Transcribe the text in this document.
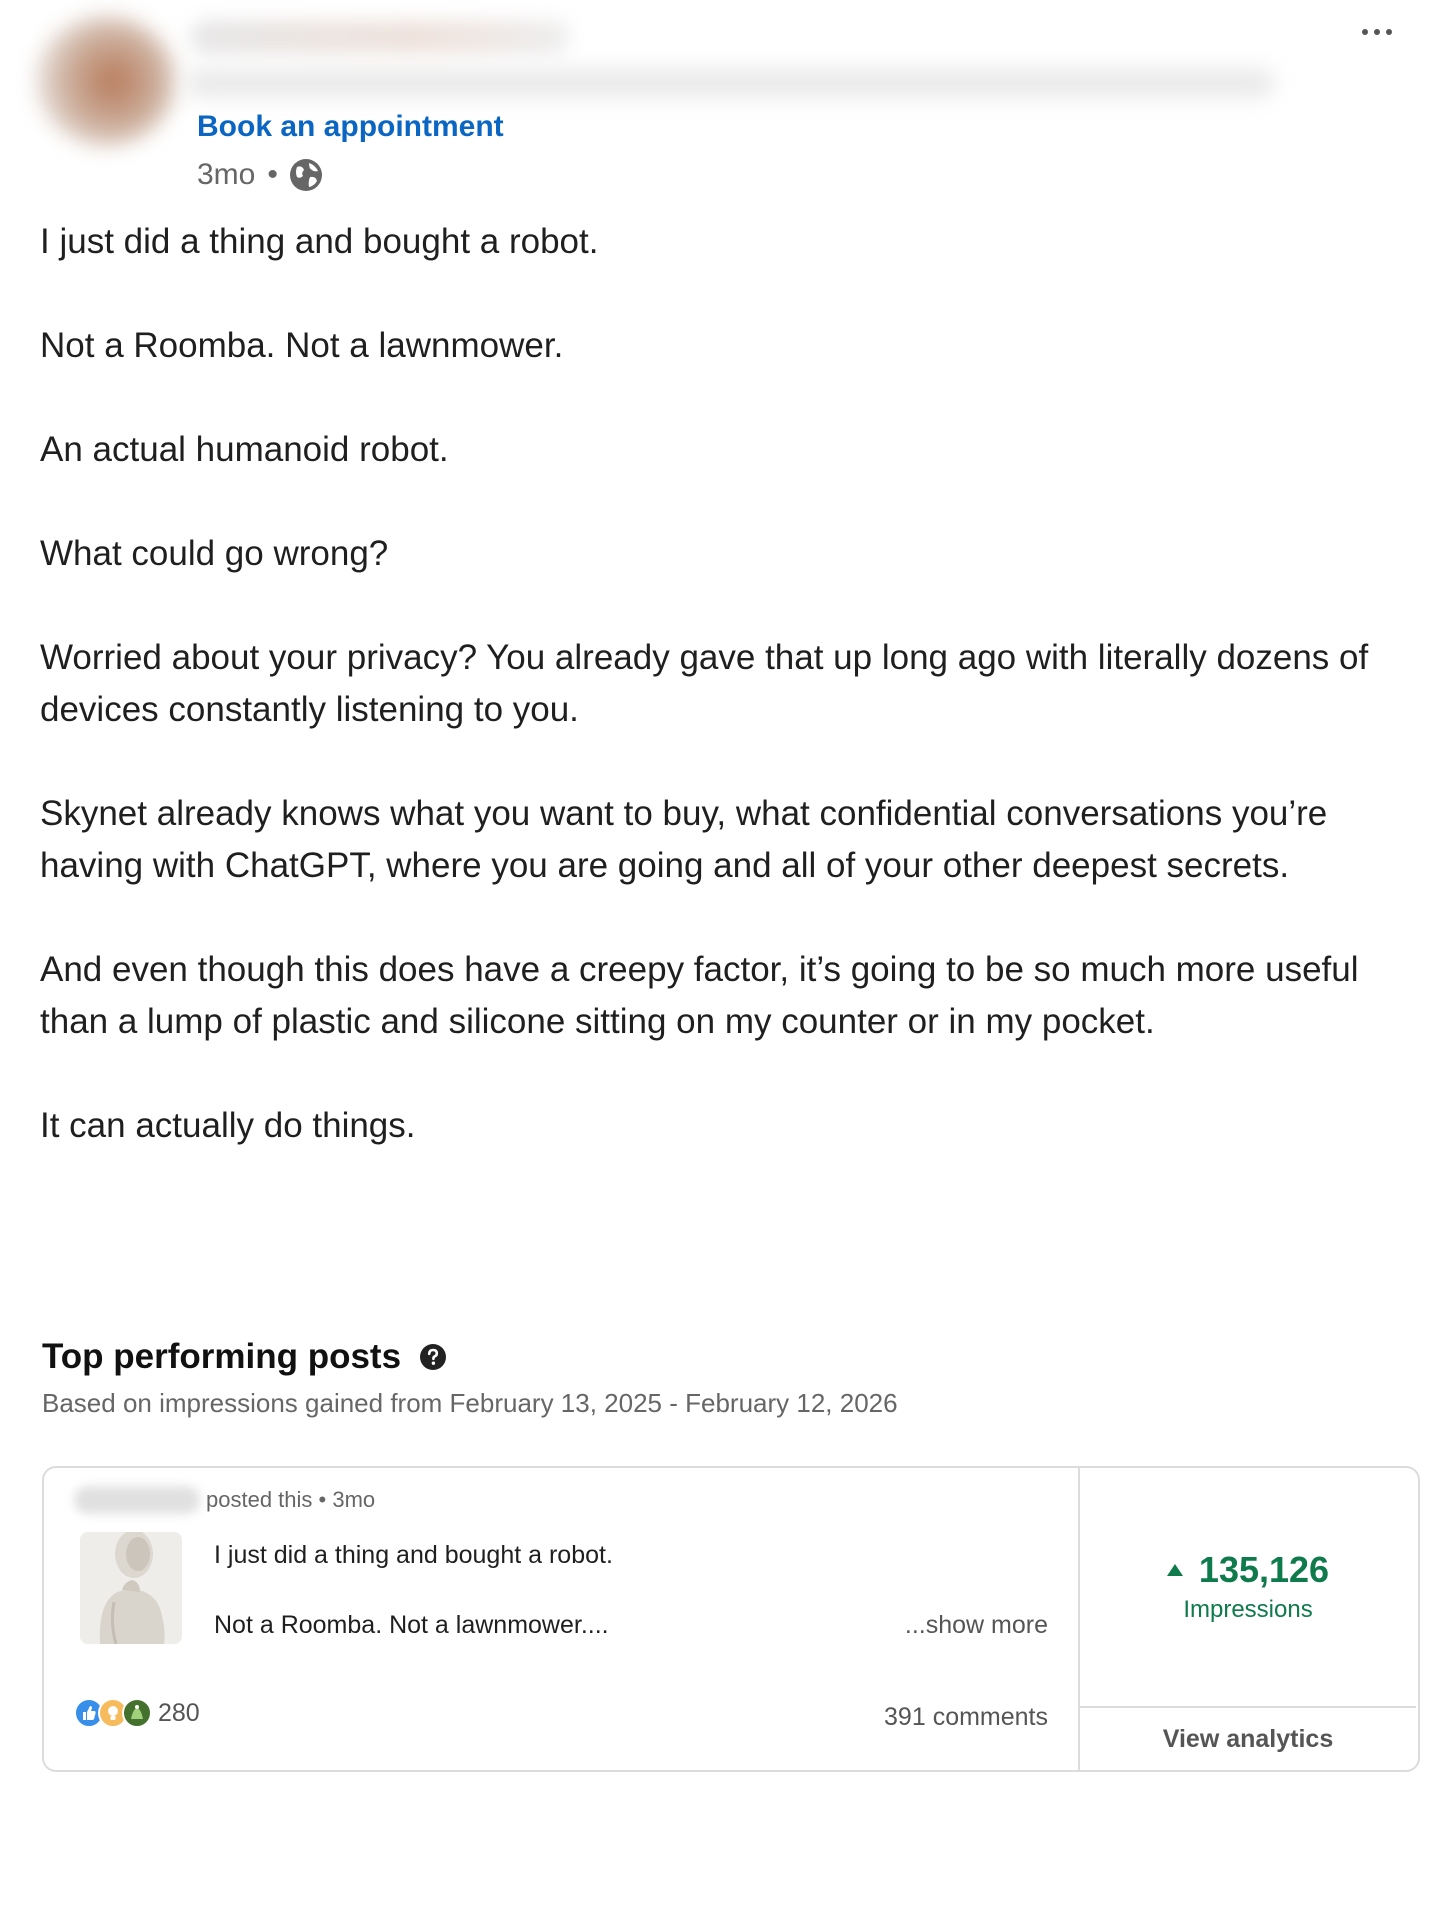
Book an appointment
3mo •

I just did a thing and bought a robot.

Not a Roomba. Not a lawnmower.

An actual humanoid robot.

What could go wrong?

Worried about your privacy? You already gave that up long ago with literally dozens of devices constantly listening to you.

Skynet already knows what you want to buy, what confidential conversations you’re having with ChatGPT, where you are going and all of your other deepest secrets.

And even though this does have a creepy factor, it’s going to be so much more useful than a lump of plastic and silicone sitting on my counter or in my pocket.

It can actually do things.

Top performing posts
Based on impressions gained from February 13, 2025 - February 12, 2026
posted this • 3mo
I just did a thing and bought a robot.
Not a Roomba. Not a lawnmower....	...show more
280	391 comments
135,126
Impressions
View analytics
